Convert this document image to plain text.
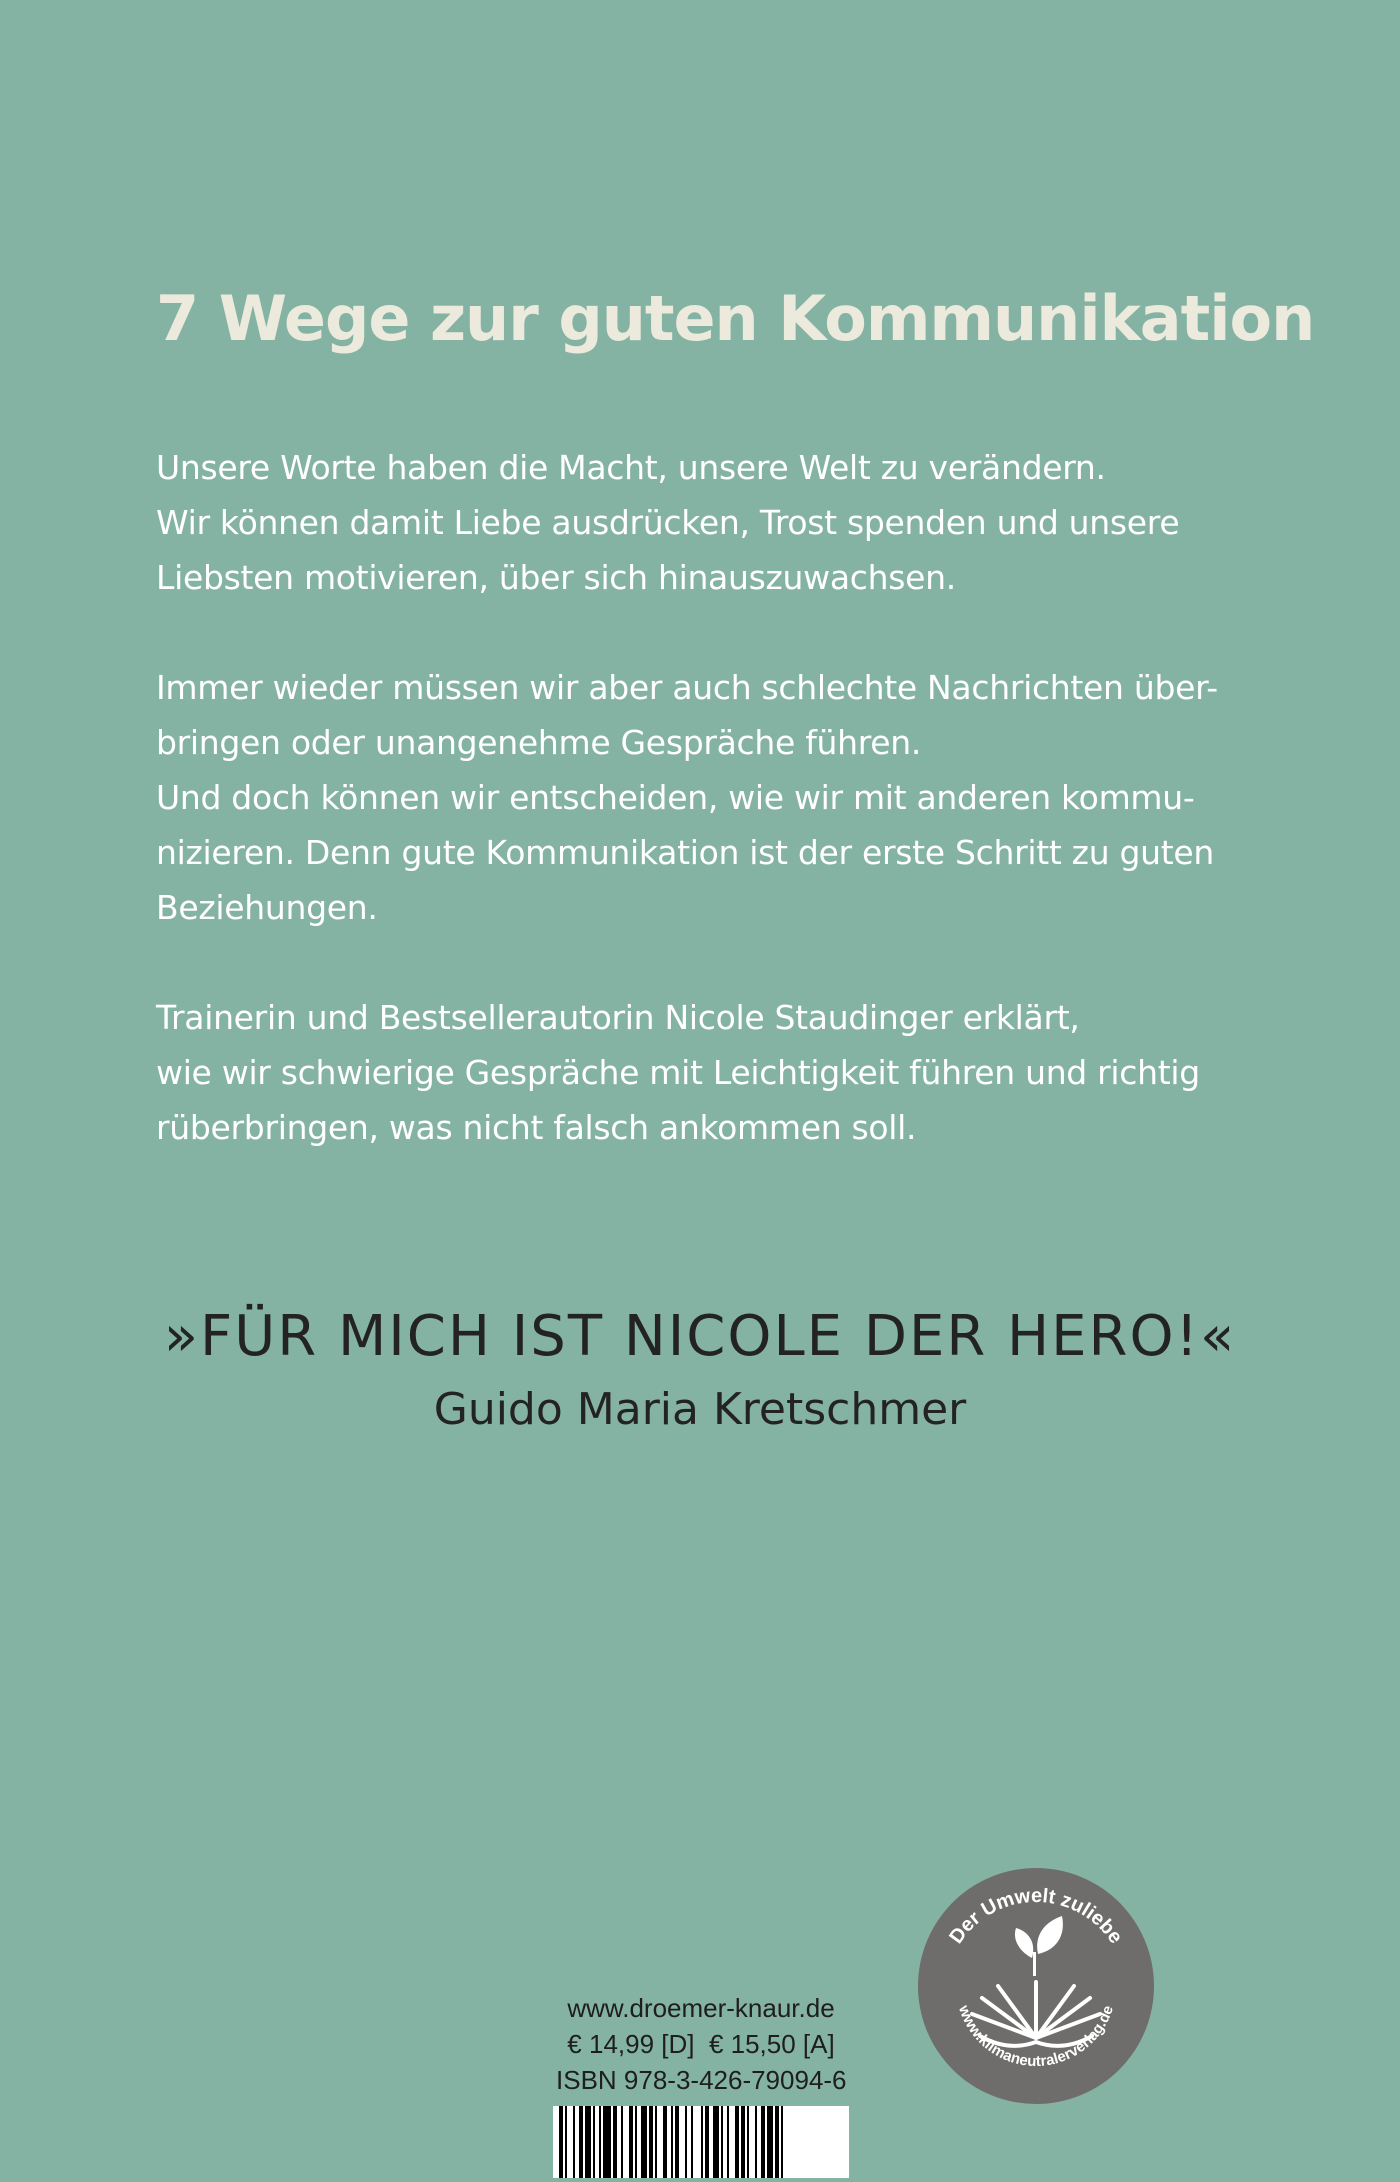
7 Wege zur guten Kommunikation
Unsere Worte haben die Macht, unsere Welt zu verändern.
Wir können damit Liebe ausdrücken, Trost spenden und unsere
Liebsten motivieren, über sich hinauszuwachsen.
Immer wieder müssen wir aber auch schlechte Nachrichten über-
bringen oder unangenehme Gespräche führen.
Und doch können wir entscheiden, wie wir mit anderen kommu-
nizieren. Denn gute Kommunikation ist der erste Schritt zu guten
Beziehungen.
Trainerin und Bestsellerautorin Nicole Staudinger erklärt,
wie wir schwierige Gespräche mit Leichtigkeit führen und richtig
rüberbringen, was nicht falsch ankommen soll.
»FÜR MICH IST NICOLE DER HERO!«
Guido Maria Kretschmer
Der Umwelt zuliebe
www.klimaneutralerverlag.de
www.droemer-knaur.de
€ 14,99 [D]  € 15,50 [A]
ISBN 978-3-426-79094-6
